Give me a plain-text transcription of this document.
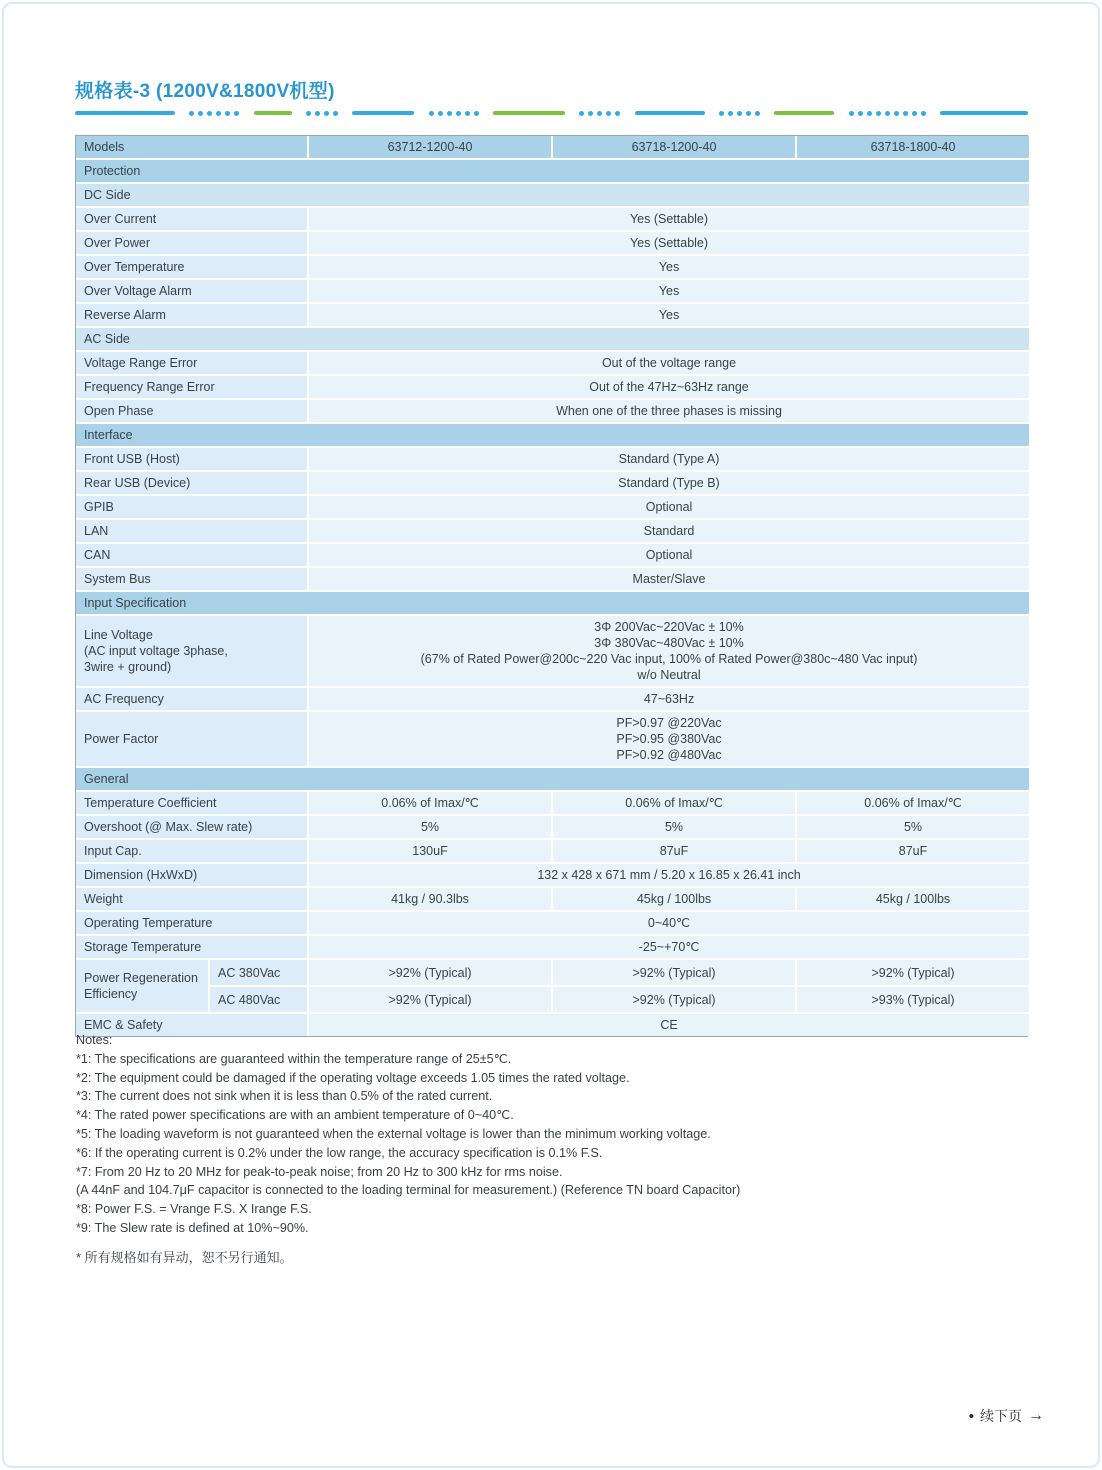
规格表-3 (1200V&1800V机型)
Models		63712-1200-40	63718-1200-40	63718-1800-40
Protection				
DC Side				
Over Current		Yes (Settable)		
Over Power		Yes (Settable)		
Over Temperature		Yes		
Over Voltage Alarm		Yes		
Reverse Alarm		Yes		
AC Side				
Voltage Range Error		Out of the voltage range		
Frequency Range Error		Out of the 47Hz~63Hz range		
Open Phase		When one of the three phases is missing		
Interface				
Front USB (Host)		Standard (Type A)		
Rear USB (Device)		Standard (Type B)		
GPIB		Optional		
LAN		Standard		
CAN		Optional		
System Bus		Master/Slave		
Input Specification				

Line Voltage
(AC input voltage 3phase,
3wire + ground)		3Φ 200Vac~220Vac ± 10%
3Φ 380Vac~480Vac ± 10%
(67% of Rated Power@200c~220 Vac input, 100% of Rated Power@380c~480 Vac input)
w/o Neutral		

AC Frequency		47~63Hz		
Power Factor		PF>0.97 @220Vac
PF>0.95 @380Vac
PF>0.92 @480Vac		

General				
Temperature Coefficient		0.06% of Imax/℃	0.06% of Imax/℃	0.06% of Imax/℃
Overshoot (@ Max. Slew rate)		5%	5%	5%
Input Cap.		130uF	87uF	87uF
Dimension (HxWxD)		132 x 428 x 671 mm / 5.20 x 16.85 x 26.41 inch		
Weight		41kg / 90.3lbs	45kg / 100lbs	45kg / 100lbs
Operating Temperature		0~40℃		
Storage Temperature		-25~+70℃		
Power Regeneration Efficiency	AC 380Vac	>92% (Typical)	>92% (Typical)	>92% (Typical)
	AC 480Vac	>92% (Typical)	>92% (Typical)	>93% (Typical)
EMC & Safety		CE		
Notes:
*1: The specifications are guaranteed within the temperature range of 25±5℃.
*2: The equipment could be damaged if the operating voltage exceeds 1.05 times the rated voltage.
*3: The current does not sink when it is less than 0.5% of the rated current.
*4: The rated power specifications are with an ambient temperature of 0~40℃.
*5: The loading waveform is not guaranteed when the external voltage is lower than the minimum working voltage.
*6: If the operating current is 0.2% under the low range, the accuracy specification is 0.1% F.S.
*7: From 20 Hz to 20 MHz for peak-to-peak noise; from 20 Hz to 300 kHz for rms noise.
(A 44nF and 104.7μF capacitor is connected to the loading terminal for measurement.) (Reference TN board Capacitor)
*8: Power F.S. = Vrange F.S. X Irange F.S.
*9: The Slew rate is defined at 10%~90%.

* 所有规格如有异动，恕不另行通知。

• 续下页 →
